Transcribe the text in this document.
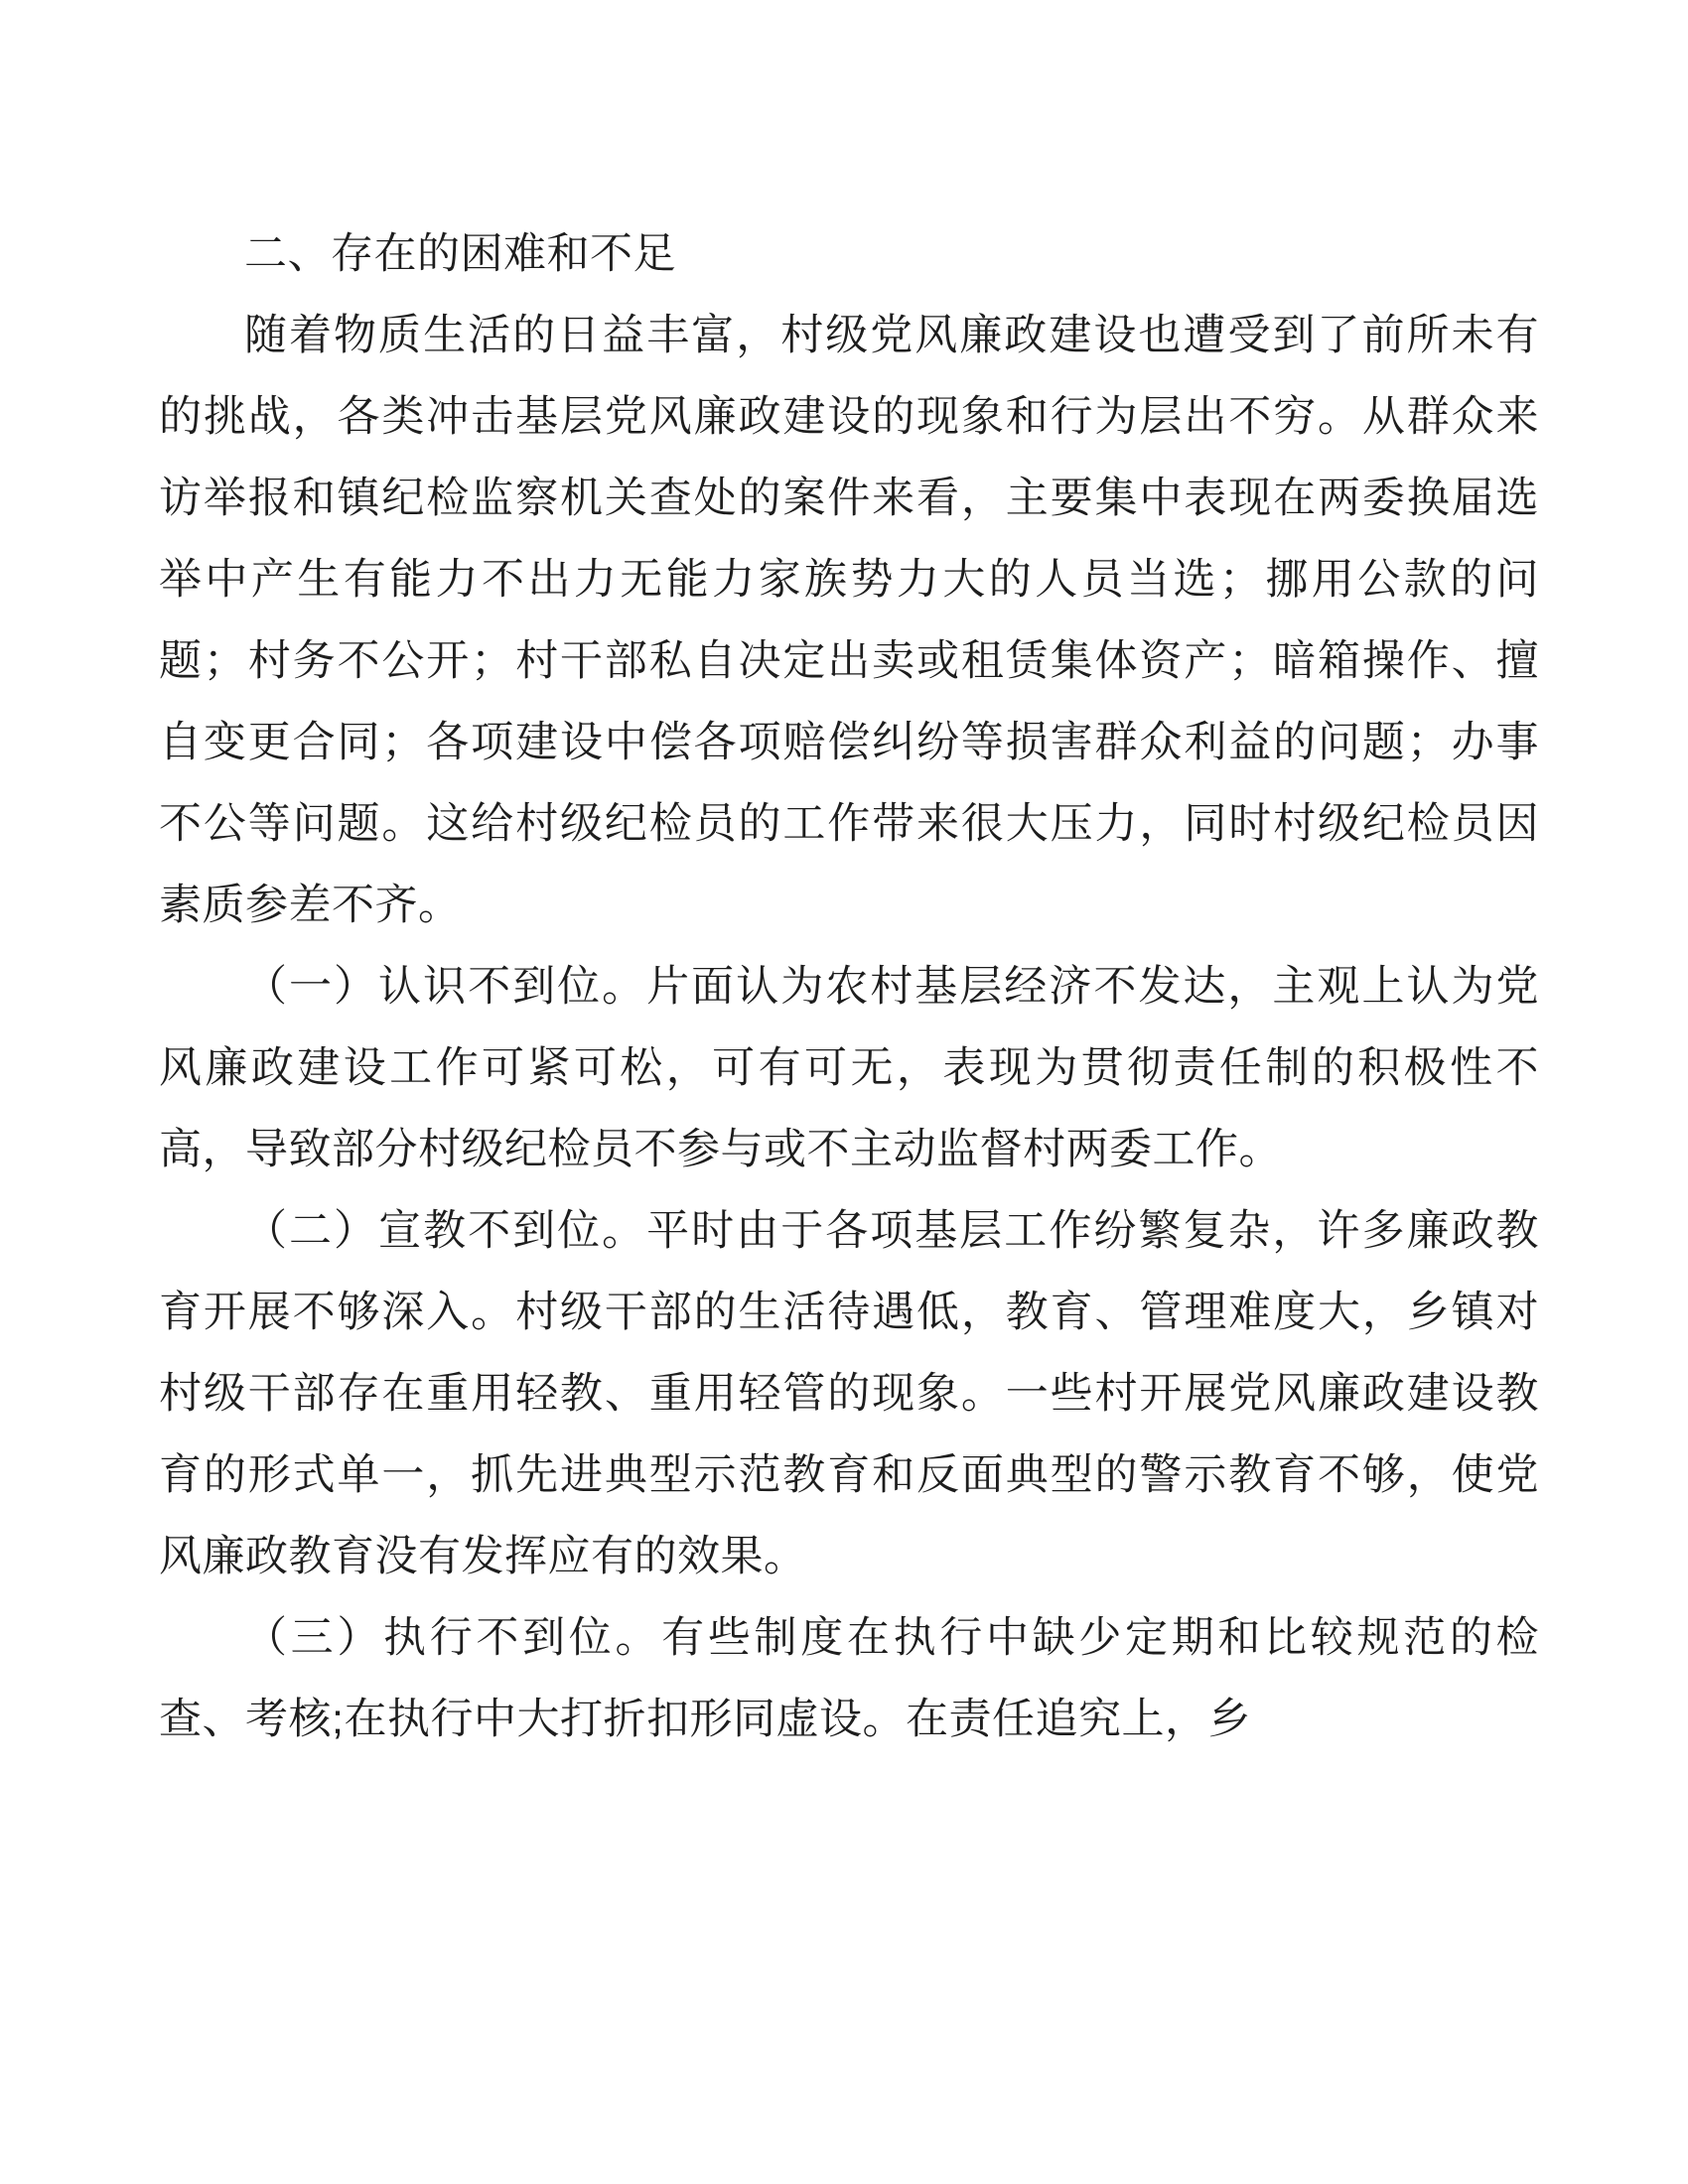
二、存在的困难和不足

随着物质生活的日益丰富，村级党风廉政建设也遭受到了前所未有的挑战，各类冲击基层党风廉政建设的现象和行为层出不穷。从群众来访举报和镇纪检监察机关查处的案件来看，主要集中表现在两委换届选举中产生有能力不出力无能力家族势力大的人员当选；挪用公款的问题；村务不公开；村干部私自决定出卖或租赁集体资产；暗箱操作、擅自变更合同；各项建设中偿各项赔偿纠纷等损害群众利益的问题；办事不公等问题。这给村级纪检员的工作带来很大压力，同时村级纪检员因素质参差不齐。

（一）认识不到位。片面认为农村基层经济不发达，主观上认为党风廉政建设工作可紧可松，可有可无，表现为贯彻责任制的积极性不高，导致部分村级纪检员不参与或不主动监督村两委工作。

（二）宣教不到位。平时由于各项基层工作纷繁复杂，许多廉政教育开展不够深入。村级干部的生活待遇低，教育、管理难度大，乡镇对村级干部存在重用轻教、重用轻管的现象。一些村开展党风廉政建设教育的形式单一，抓先进典型示范教育和反面典型的警示教育不够，使党风廉政教育没有发挥应有的效果。

（三）执行不到位。有些制度在执行中缺少定期和比较规范的检查、考核;在执行中大打折扣形同虚设。在责任追究上，乡
